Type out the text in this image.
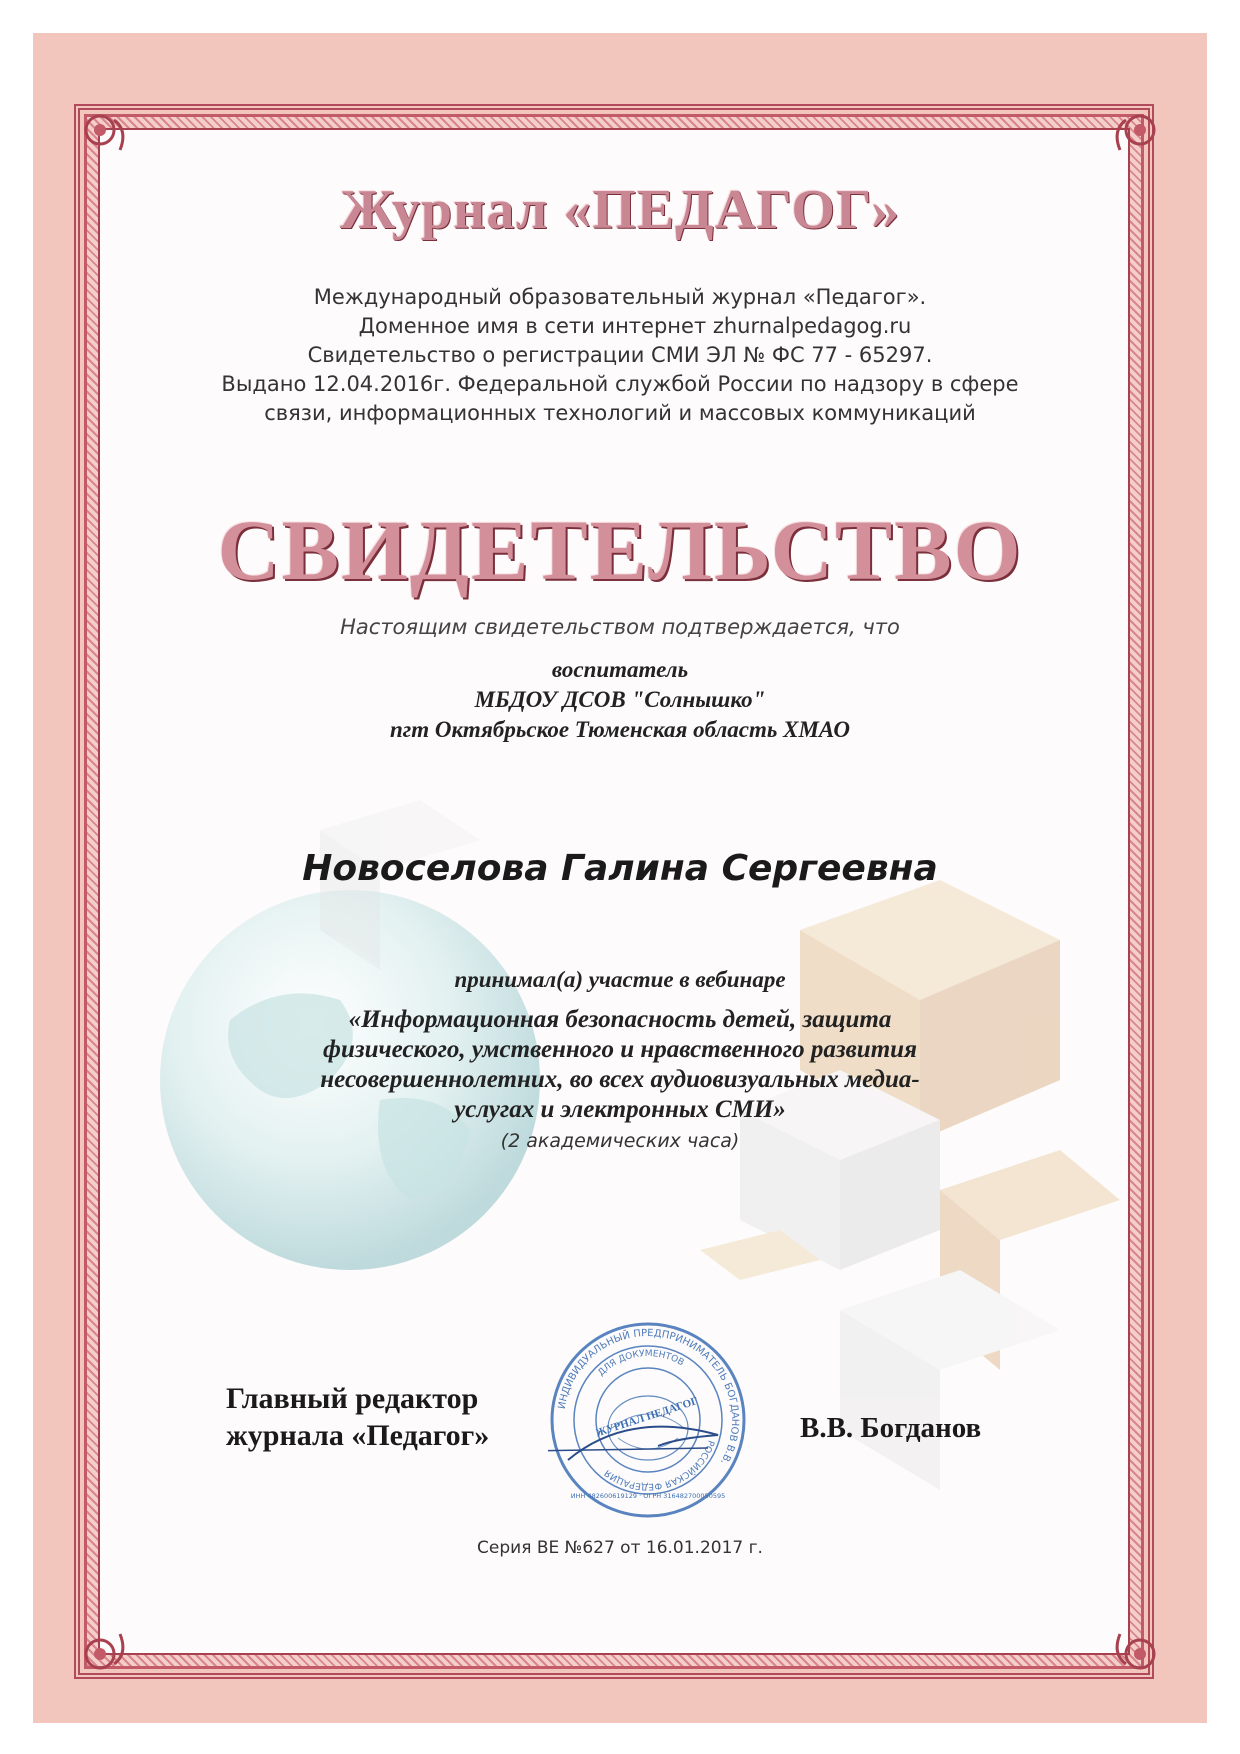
Журнал «ПЕДАГОГ»
Международный образовательный журнал «Педагог».
Доменное имя в сети интернет zhurnalpedagog.ru
Свидетельство о регистрации СМИ ЭЛ № ФС 77 - 65297.
Выдано 12.04.2016г. Федеральной службой России по надзору в сфере
связи, информационных технологий и массовых коммуникаций
СВИДЕТЕЛЬСТВО
Настоящим свидетельством подтверждается, что
воспитатель
МБДОУ ДСОВ "Солнышко"
пгт Октябрьское Тюменская область ХМАО
Новоселова Галина Сергеевна
принимал(а) участие в вебинаре
«Информационная безопасность детей, защита
физического, умственного и нравственного развития
несовершеннолетних, во всех аудиовизуальных медиа-
услугах и электронных СМИ»
(2 академических часа)
Главный редактор
журнала «Педагог»
ИНДИВИДУАЛЬНЫЙ ПРЕДПРИНИМАТЕЛЬ БОГДАНОВ В.В.
РОССИЙСКАЯ ФЕДЕРАЦИЯ
ДЛЯ ДОКУМЕНТОВ
ЖУРНАЛ ПЕДАГОГ
ИНН 482600619129 · ОГРН 316482700050595
В.В. Богданов
Серия ВЕ №627 от 16.01.2017 г.
